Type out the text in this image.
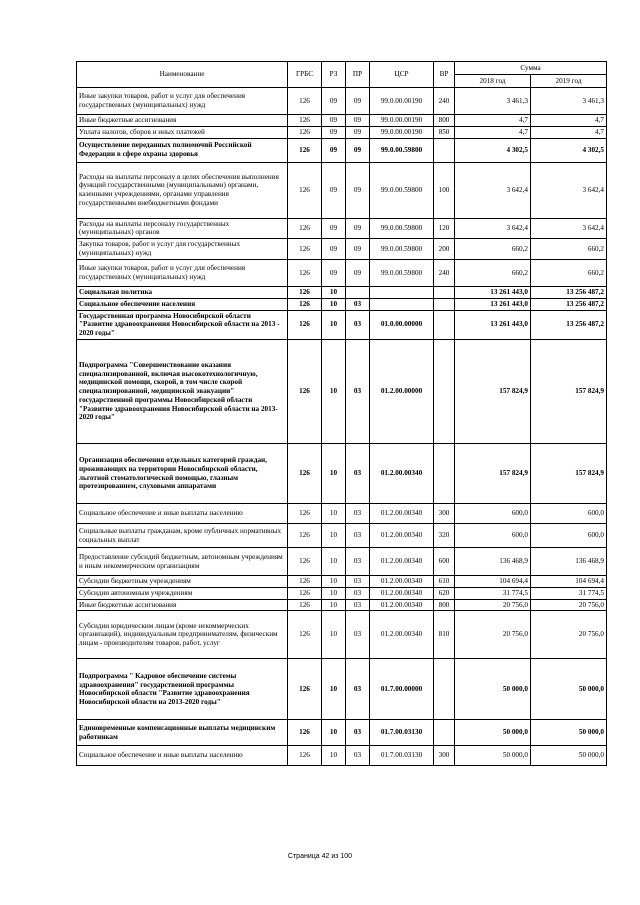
Наименование	ГРБС	РЗ	ПР	ЦСР	ВР	Сумма	
						2018 год	2019 год
Иные закупки товаров, работ и услуг для обеспечения государственных (муниципальных) нужд	126	09	09	99.0.00.00190	240	3 461,3	3 461,3
Иные бюджетные ассигнования	126	09	09	99.0.00.00190	800	4,7	4,7
Уплата налогов, сборов и иных платежей	126	09	09	99.0.00.00190	850	4,7	4,7
Осуществление переданных полномочий Российской Федерации в сфере охраны здоровья	126	09	09	99.0.00.59800		4 302,5	4 302,5
Расходы на выплаты персоналу в целях обеспечения выполнения функций государственными (муниципальными) органами, казенными учреждениями, органами управления государственными внебюджетными фондами	126	09	09	99.0.00.59800	100	3 642,4	3 642,4
Расходы на выплаты персоналу государственных (муниципальных) органов	126	09	09	99.0.00.59800	120	3 642,4	3 642,4
Закупка товаров, работ и услуг для государственных (муниципальных) нужд	126	09	09	99.0.00.59800	200	660,2	660,2
Иные закупки товаров, работ и услуг для обеспечения государственных (муниципальных) нужд	126	09	09	99.0.00.59800	240	660,2	660,2
Социальная политика	126	10				13 261 443,0	13 256 487,2
Социальное обеспечение населения	126	10	03			13 261 443,0	13 256 487,2
Государственная программа Новосибирской области "Развитие здравоохранения Новосибирской области на 2013 - 2020 годы"	126	10	03	01.0.00.00000		13 261 443,0	13 256 487,2
Подпрограмма "Совершенствование оказания специализированной, включая высокотехнологичную, медицинской помощи, скорой, в том числе скорой специализированной, медицинской эвакуации" государственной программы Новосибирской области "Развитие здравоохранения Новосибирской области на 2013-2020 годы"	126	10	03	01.2.00.00000		157 824,9	157 824,9
Организация обеспечения отдельных категорий граждан, проживающих на территории Новосибирской области, льготной стоматологической помощью, глазным протезированием, слуховыми аппаратами	126	10	03	01.2.00.00340		157 824,9	157 824,9
Социальное обеспечение и иные выплаты населению	126	10	03	01.2.00.00340	300	600,0	600,0
Социальные выплаты гражданам, кроме публичных нормативных социальных выплат	126	10	03	01.2.00.00340	320	600,0	600,0
Предоставление субсидий бюджетным, автономным учреждениям и иным некоммерческим организациям	126	10	03	01.2.00.00340	600	136 468,9	136 468,9
Субсидии бюджетным учреждениям	126	10	03	01.2.00.00340	610	104 694,4	104 694,4
Субсидии автономным учреждениям	126	10	03	01.2.00.00340	620	31 774,5	31 774,5
Иные бюджетные ассигнования	126	10	03	01.2.00.00340	800	20 756,0	20 756,0
Субсидии юридическим лицам (кроме некоммерческих организаций), индивидуальным предпринимателям, физическим лицам - производителям товаров, работ, услуг	126	10	03	01.2.00.00340	810	20 756,0	20 756,0
Подпрограмма " Кадровое обеспечение системы здравоохранения" государственной программы Новосибирской области "Развитие здравоохранения Новосибирской области на 2013-2020 годы"	126	10	03	01.7.00.00000		50 000,0	50 000,0
Единовременные компенсационные выплаты медицинским работникам	126	10	03	01.7.00.03130		50 000,0	50 000,0
Социальное обеспечение и иные выплаты населению	126	10	03	01.7.00.03130	300	50 000,0	50 000,0
Страница 42 из 100
